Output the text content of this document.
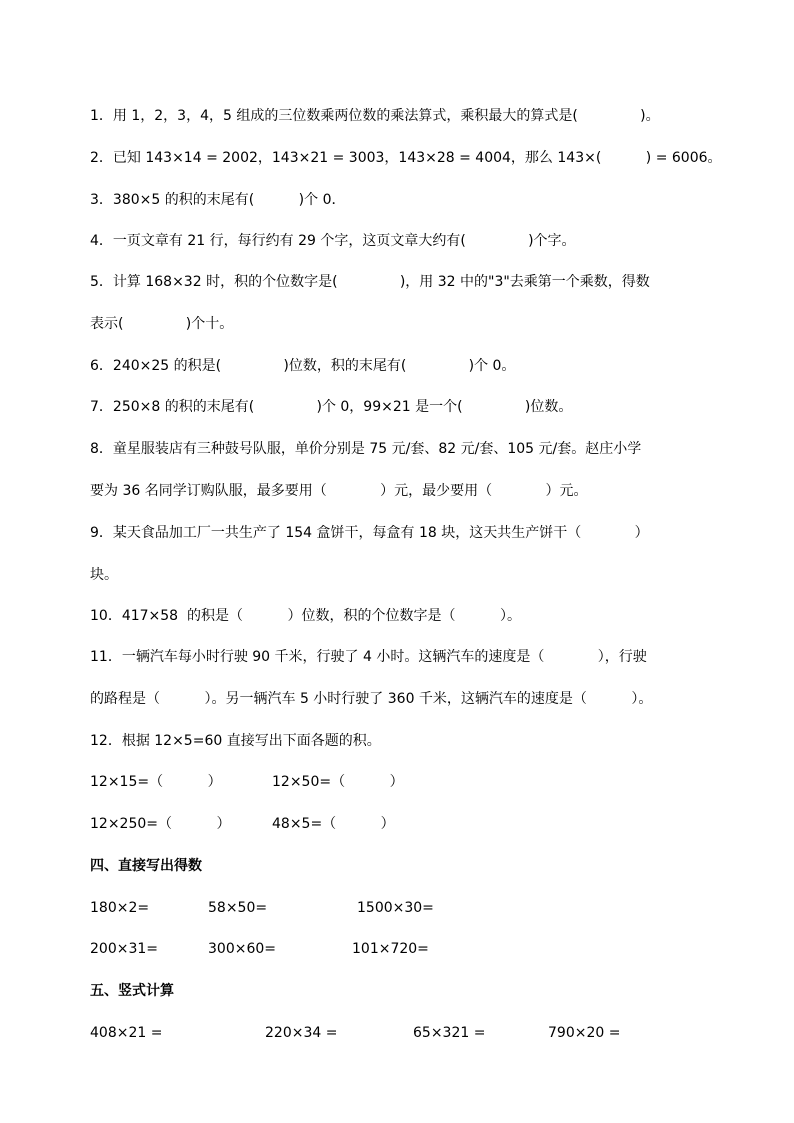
1．用 1，2，3，4，5 组成的三位数乘两位数的乘法算式，乘积最大的算式是(              )。
2．已知 143×14 = 2002，143×21 = 3003，143×28 = 4004，那么 143×(          ) = 6006。
3．380×5 的积的末尾有(          )个 0．
4．一页文章有 21 行，每行约有 29 个字，这页文章大约有(              )个字。
5．计算 168×32 时，积的个位数字是(              )，用 32 中的"3"去乘第一个乘数，得数
表示(              )个十。
6．240×25 的积是(              )位数，积的末尾有(              )个 0。
7．250×8 的积的末尾有(              )个 0，99×21 是一个(              )位数。
8．童星服装店有三种鼓号队服，单价分别是 75 元/套、82 元/套、105 元/套。赵庄小学
要为 36 名同学订购队服，最多要用（            ）元，最少要用（            ）元。
9．某天食品加工厂一共生产了 154 盒饼干，每盒有 18 块，这天共生产饼干（            ）
块。
10．417×58  的积是（          ）位数，积的个位数字是（          ）。
11．一辆汽车每小时行驶 90 千米，行驶了 4 小时。这辆汽车的速度是（            ），行驶
的路程是（          ）。另一辆汽车 5 小时行驶了 360 千米，这辆汽车的速度是（          ）。
12．根据 12×5=60 直接写出下面各题的积。
12×15=（          ）	12×50=（          ）
12×250=（          ）	48×5=（          ）
四、直接写出得数
180×2=	58×50=	1500×30=
200×31=	300×60=	101×720=
五、竖式计算
408×21 =	220×34 =	65×321 =	790×20 =
